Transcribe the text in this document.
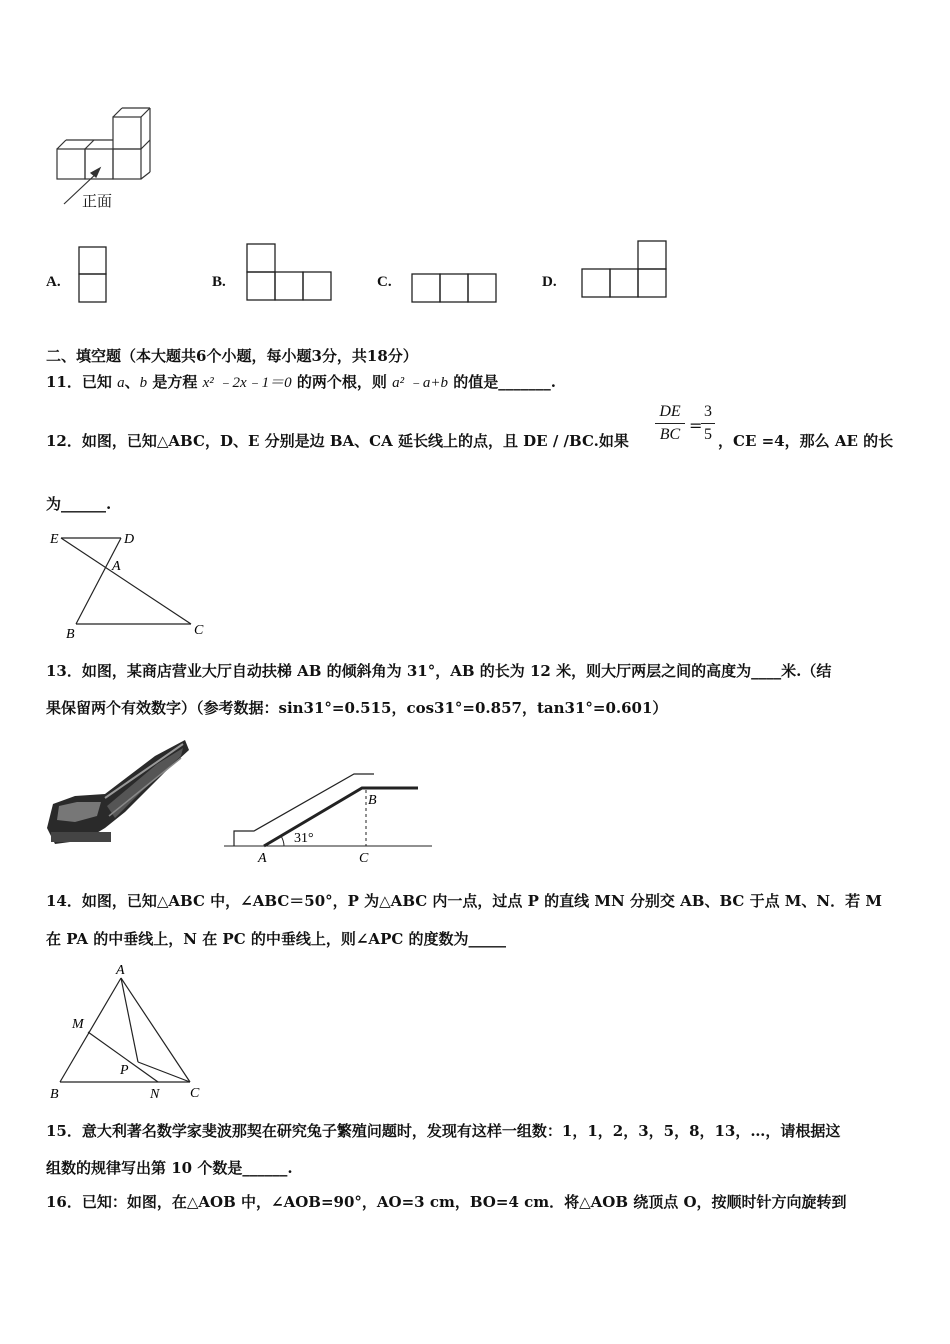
正面
A.	B.	C.	D.
二、填空题（本大题共6个小题，每小题3分，共18分）
11．已知 a、b 是方程 x² ﹣2x﹣1＝0 的两个根，则 a² ﹣a+b 的值是_______.
12．如图，已知△ABC，D、E 分别是边 BA、CA 延长线上的点，且 DE / /BC.如果
DE
BC =
3
5 ，CE =4，那么 AE 的长
为______.
E	D
A
B	C
13．如图，某商店营业大厅自动扶梯 AB 的倾斜角为 31°，AB 的长为 12 米，则大厅两层之间的高度为____米.（结
果保留两个有效数字）（参考数据：sin31°=0.515，cos31°=0.857，tan31°=0.601）
A
B
C
31°
14．如图，已知△ABC 中，∠ABC＝50°，P 为△ABC 内一点，过点 P 的直线 MN 分别交 AB、BC 于点 M、N．若 M
在 PA 的中垂线上，N 在 PC 的中垂线上，则∠APC 的度数为_____
A
M
P
B	N C
15．意大利著名数学家斐波那契在研究兔子繁殖问题时，发现有这样一组数：1，1，2，3，5，8，13，…，请根据这
组数的规律写出第 10 个数是______.
16．已知：如图，在△AOB 中，∠AOB=90°，AO=3 cm，BO=4 cm．将△AOB 绕顶点 O，按顺时针方向旋转到
